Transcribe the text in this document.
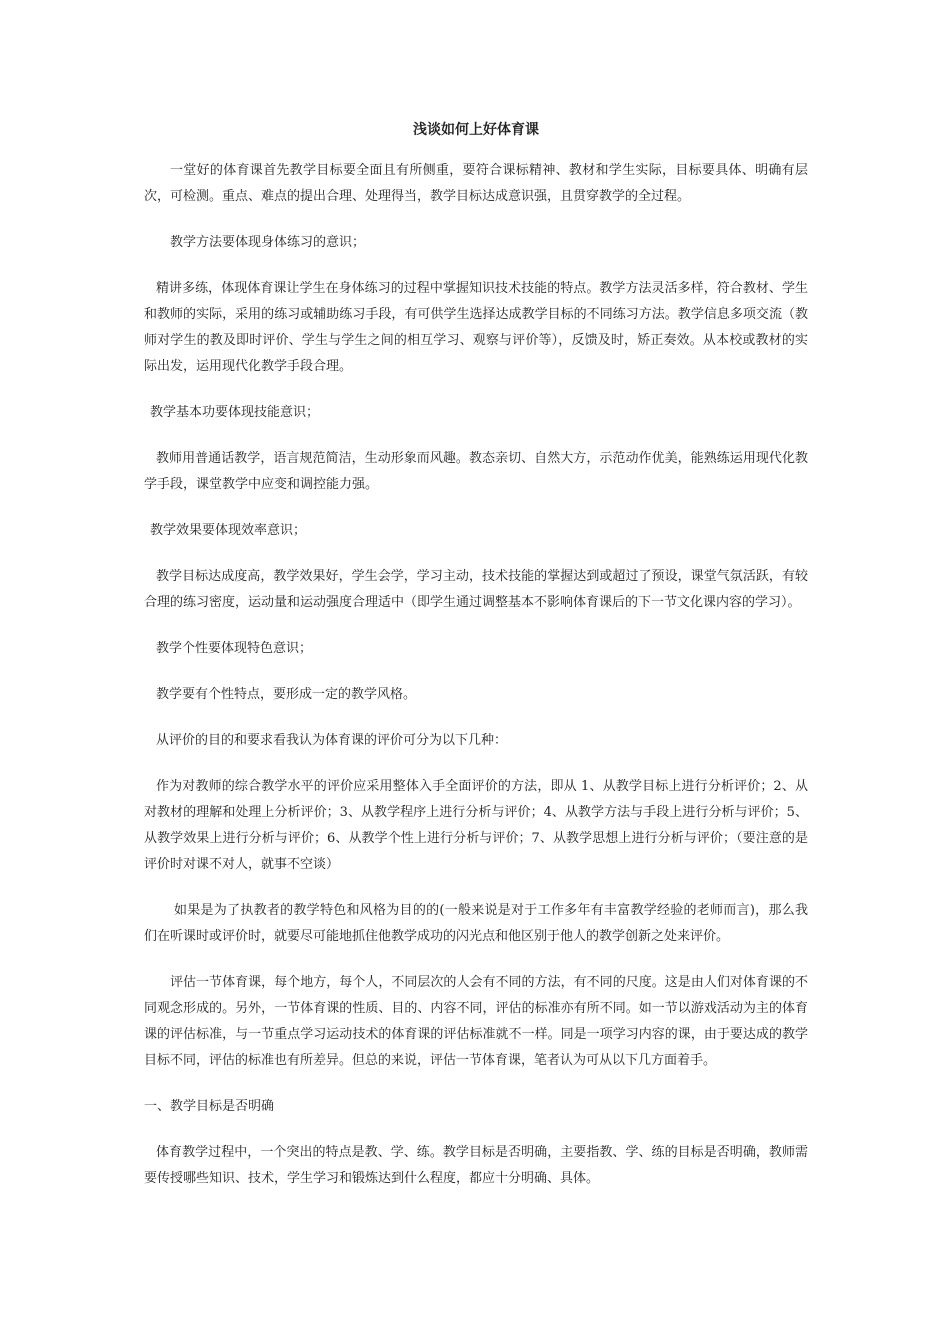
浅谈如何上好体育课

一堂好的体育课首先教学目标要全面且有所侧重，要符合课标精神、教材和学生实际，目标要具体、明确有层次，可检测。重点、难点的提出合理、处理得当，教学目标达成意识强，且贯穿教学的全过程。

教学方法要体现身体练习的意识；

精讲多练，体现体育课让学生在身体练习的过程中掌握知识技术技能的特点。教学方法灵活多样，符合教材、学生和教师的实际，采用的练习或辅助练习手段，有可供学生选择达成教学目标的不同练习方法。教学信息多项交流（教师对学生的教及即时评价、学生与学生之间的相互学习、观察与评价等），反馈及时，矫正奏效。从本校或教材的实际出发，运用现代化教学手段合理。

教学基本功要体现技能意识；

教师用普通话教学，语言规范简洁，生动形象而风趣。教态亲切、自然大方，示范动作优美，能熟练运用现代化教学手段，课堂教学中应变和调控能力强。

教学效果要体现效率意识；

教学目标达成度高，教学效果好，学生会学，学习主动，技术技能的掌握达到或超过了预设，课堂气氛活跃，有较合理的练习密度，运动量和运动强度合理适中（即学生通过调整基本不影响体育课后的下一节文化课内容的学习）。

教学个性要体现特色意识；

教学要有个性特点，要形成一定的教学风格。

从评价的目的和要求看我认为体育课的评价可分为以下几种：

作为对教师的综合教学水平的评价应采用整体入手全面评价的方法，即从 1、从教学目标上进行分析评价；2、从对教材的理解和处理上分析评价；3、从教学程序上进行分析与评价；4、从教学方法与手段上进行分析与评价；5、从教学效果上进行分析与评价；6、从教学个性上进行分析与评价；7、从教学思想上进行分析与评价；（要注意的是评价时对课不对人，就事不空谈）

如果是为了执教者的教学特色和风格为目的的(一般来说是对于工作多年有丰富教学经验的老师而言)，那么我们在听课时或评价时，就要尽可能地抓住他教学成功的闪光点和他区别于他人的教学创新之处来评价。

评估一节体育课，每个地方，每个人，不同层次的人会有不同的方法，有不同的尺度。这是由人们对体育课的不同观念形成的。另外，一节体育课的性质、目的、内容不同，评估的标准亦有所不同。如一节以游戏活动为主的体育课的评估标准，与一节重点学习运动技术的体育课的评估标准就不一样。同是一项学习内容的课，由于要达成的教学目标不同，评估的标准也有所差异。但总的来说，评估一节体育课，笔者认为可从以下几方面着手。

一、教学目标是否明确

体育教学过程中，一个突出的特点是教、学、练。教学目标是否明确，主要指教、学、练的目标是否明确，教师需要传授哪些知识、技术，学生学习和锻炼达到什么程度，都应十分明确、具体。
